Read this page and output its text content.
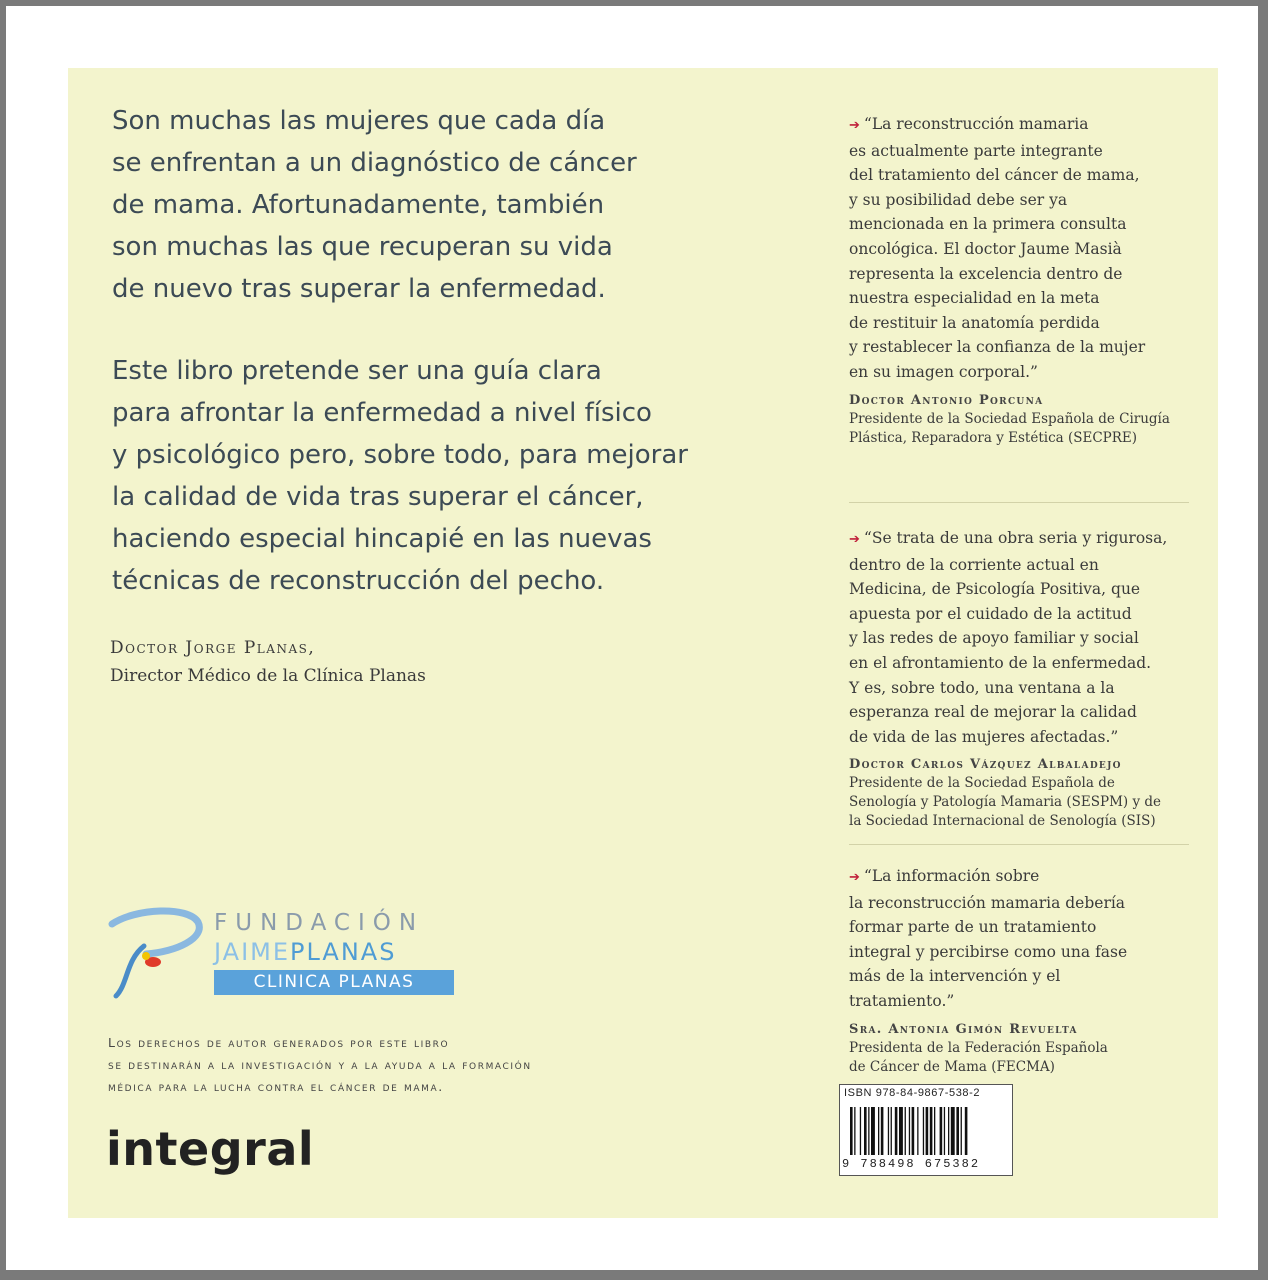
Son muchas las mujeres que cada día
se enfrentan a un diagnóstico de cáncer
de mama. Afortunadamente, también
son muchas las que recuperan su vida
de nuevo tras superar la enfermedad.

Este libro pretende ser una guía clara
para afrontar la enfermedad a nivel físico
y psicológico pero, sobre todo, para mejorar
la calidad de vida tras superar el cáncer,
haciendo especial hincapié en las nuevas
técnicas de reconstrucción del pecho.

Doctor Jorge Planas,
Director Médico de la Clínica Planas

➔ “La reconstrucción mamaria
es actualmente parte integrante
del tratamiento del cáncer de mama,
y su posibilidad debe ser ya
mencionada en la primera consulta
oncológica. El doctor Jaume Masià
representa la excelencia dentro de
nuestra especialidad en la meta
de restituir la anatomía perdida
y restablecer la confianza de la mujer
en su imagen corporal.”

Doctor Antonio Porcuna
Presidente de la Sociedad Española de Cirugía
Plástica, Reparadora y Estética (SECPRE)

➔ “Se trata de una obra seria y rigurosa,
dentro de la corriente actual en
Medicina, de Psicología Positiva, que
apuesta por el cuidado de la actitud
y las redes de apoyo familiar y social
en el afrontamiento de la enfermedad.
Y es, sobre todo, una ventana a la
esperanza real de mejorar la calidad
de vida de las mujeres afectadas.”

Doctor Carlos Vázquez Albaladejo
Presidente de la Sociedad Española de
Senología y Patología Mamaria (SESPM) y de
la Sociedad Internacional de Senología (SIS)

➔ “La información sobre
la reconstrucción mamaria debería
formar parte de un tratamiento
integral y percibirse como una fase
más de la intervención y el
tratamiento.”

Sra. Antonia Gimón Revuelta
Presidenta de la Federación Española
de Cáncer de Mama (FECMA)
FUNDACIÓN
JAIMEPLANAS
CLINICA PLANAS
Los derechos de autor generados por este libro
se destinarán a la investigación y a la ayuda a la formación
médica para la lucha contra el cáncer de mama.
integral
ISBN 978-84-9867-538-2
9 788498 675382
